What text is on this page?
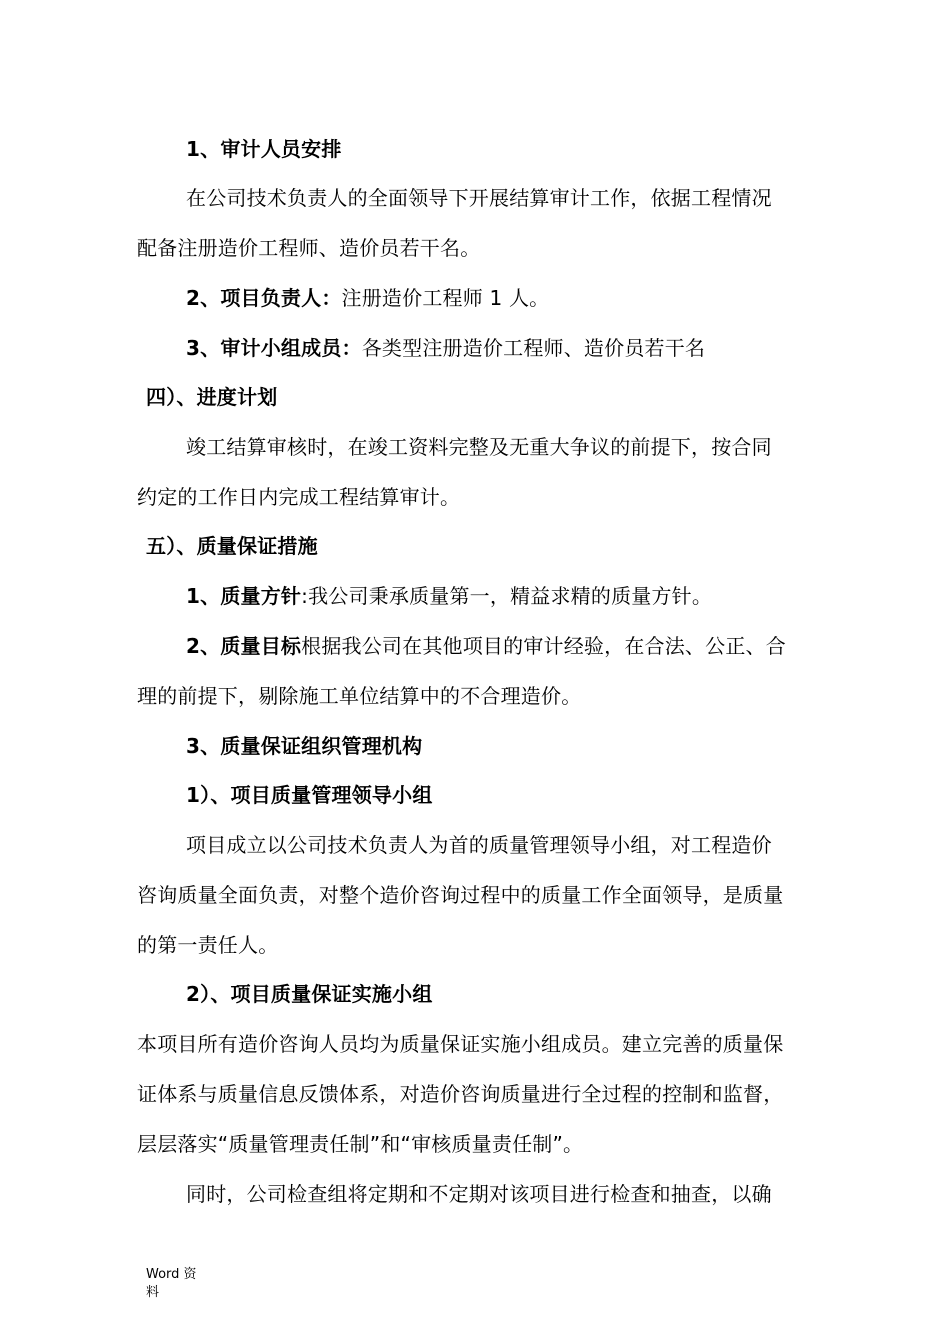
1、审计人员安排
在公司技术负责人的全面领导下开展结算审计工作，依据工程情况
配备注册造价工程师、造价员若干名。
2、项目负责人：注册造价工程师 1 人。
3、审计小组成员：各类型注册造价工程师、造价员若干名
四）、进度计划
竣工结算审核时，在竣工资料完整及无重大争议的前提下，按合同
约定的工作日内完成工程结算审计。
五）、质量保证措施
1、质量方针:我公司秉承质量第一，精益求精的质量方针。
2、质量目标根据我公司在其他项目的审计经验，在合法、公正、合
理的前提下，剔除施工单位结算中的不合理造价。
3、质量保证组织管理机构
1）、项目质量管理领导小组
项目成立以公司技术负责人为首的质量管理领导小组，对工程造价
咨询质量全面负责，对整个造价咨询过程中的质量工作全面领导，是质量
的第一责任人。
2）、项目质量保证实施小组
本项目所有造价咨询人员均为质量保证实施小组成员。建立完善的质量保
证体系与质量信息反馈体系，对造价咨询质量进行全过程的控制和监督，
层层落实“质量管理责任制”和“审核质量责任制”。
同时，公司检查组将定期和不定期对该项目进行检查和抽查，以确
Word 资
料
